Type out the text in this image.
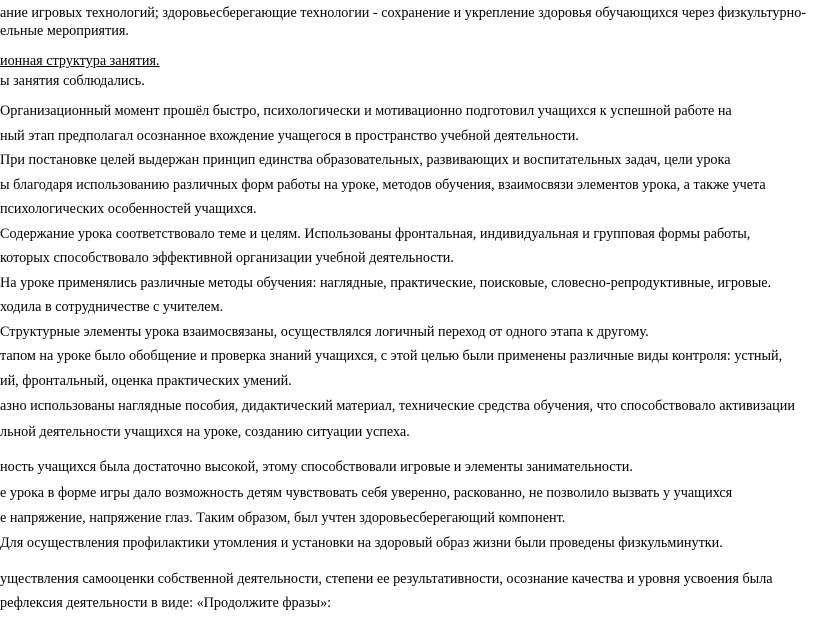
ание игровых технологий; здоровьесберегающие технологии - сохранение и укрепление здоровья обучающихся через физкультурно-

ельные мероприятия.

ионная структура занятия.

ы занятия соблюдались.

Организационный момент прошёл быстро, психологически и мотивационно подготовил учащихся к успешной работе на

ный этап предполагал осознанное вхождение учащегося в пространство учебной деятельности.

При постановке целей выдержан принцип единства образовательных, развивающих и воспитательных задач, цели урока

ы благодаря использованию различных форм работы на уроке, методов обучения, взаимосвязи элементов урока, а также учета

психологических особенностей учащихся.

Содержание урока соответствовало теме и целям. Использованы фронтальная, индивидуальная и групповая формы работы,

которых способствовало эффективной организации учебной деятельности.

На уроке применялись различные методы обучения: наглядные, практические, поисковые, словесно-репродуктивные, игровые.

ходила в сотрудничестве с учителем.

Структурные элементы урока взаимосвязаны, осуществлялся логичный переход от одного этапа к другому.

тапом на уроке было обобщение и проверка знаний учащихся, с этой целью были применены различные виды контроля: устный,

ий, фронтальный, оценка практических умений.

азно использованы наглядные пособия, дидактический материал, технические средства обучения, что способствовало активизации

льной деятельности учащихся на уроке, созданию ситуации успеха.

ность учащихся была достаточно высокой, этому способствовали игровые и элементы занимательности.

е урока в форме игры дало возможность детям чувствовать себя уверенно, раскованно, не позволило вызвать у учащихся

е напряжение, напряжение глаз. Таким образом, был учтен здоровьесберегающий компонент.

Для осуществления профилактики утомления и установки на здоровый образ жизни были проведены физкульминутки.

уществления самооценки собственной деятельности, степени ее результативности, осознание качества и уровня усвоения была

рефлексия деятельности в виде: «Продолжите фразы»:
